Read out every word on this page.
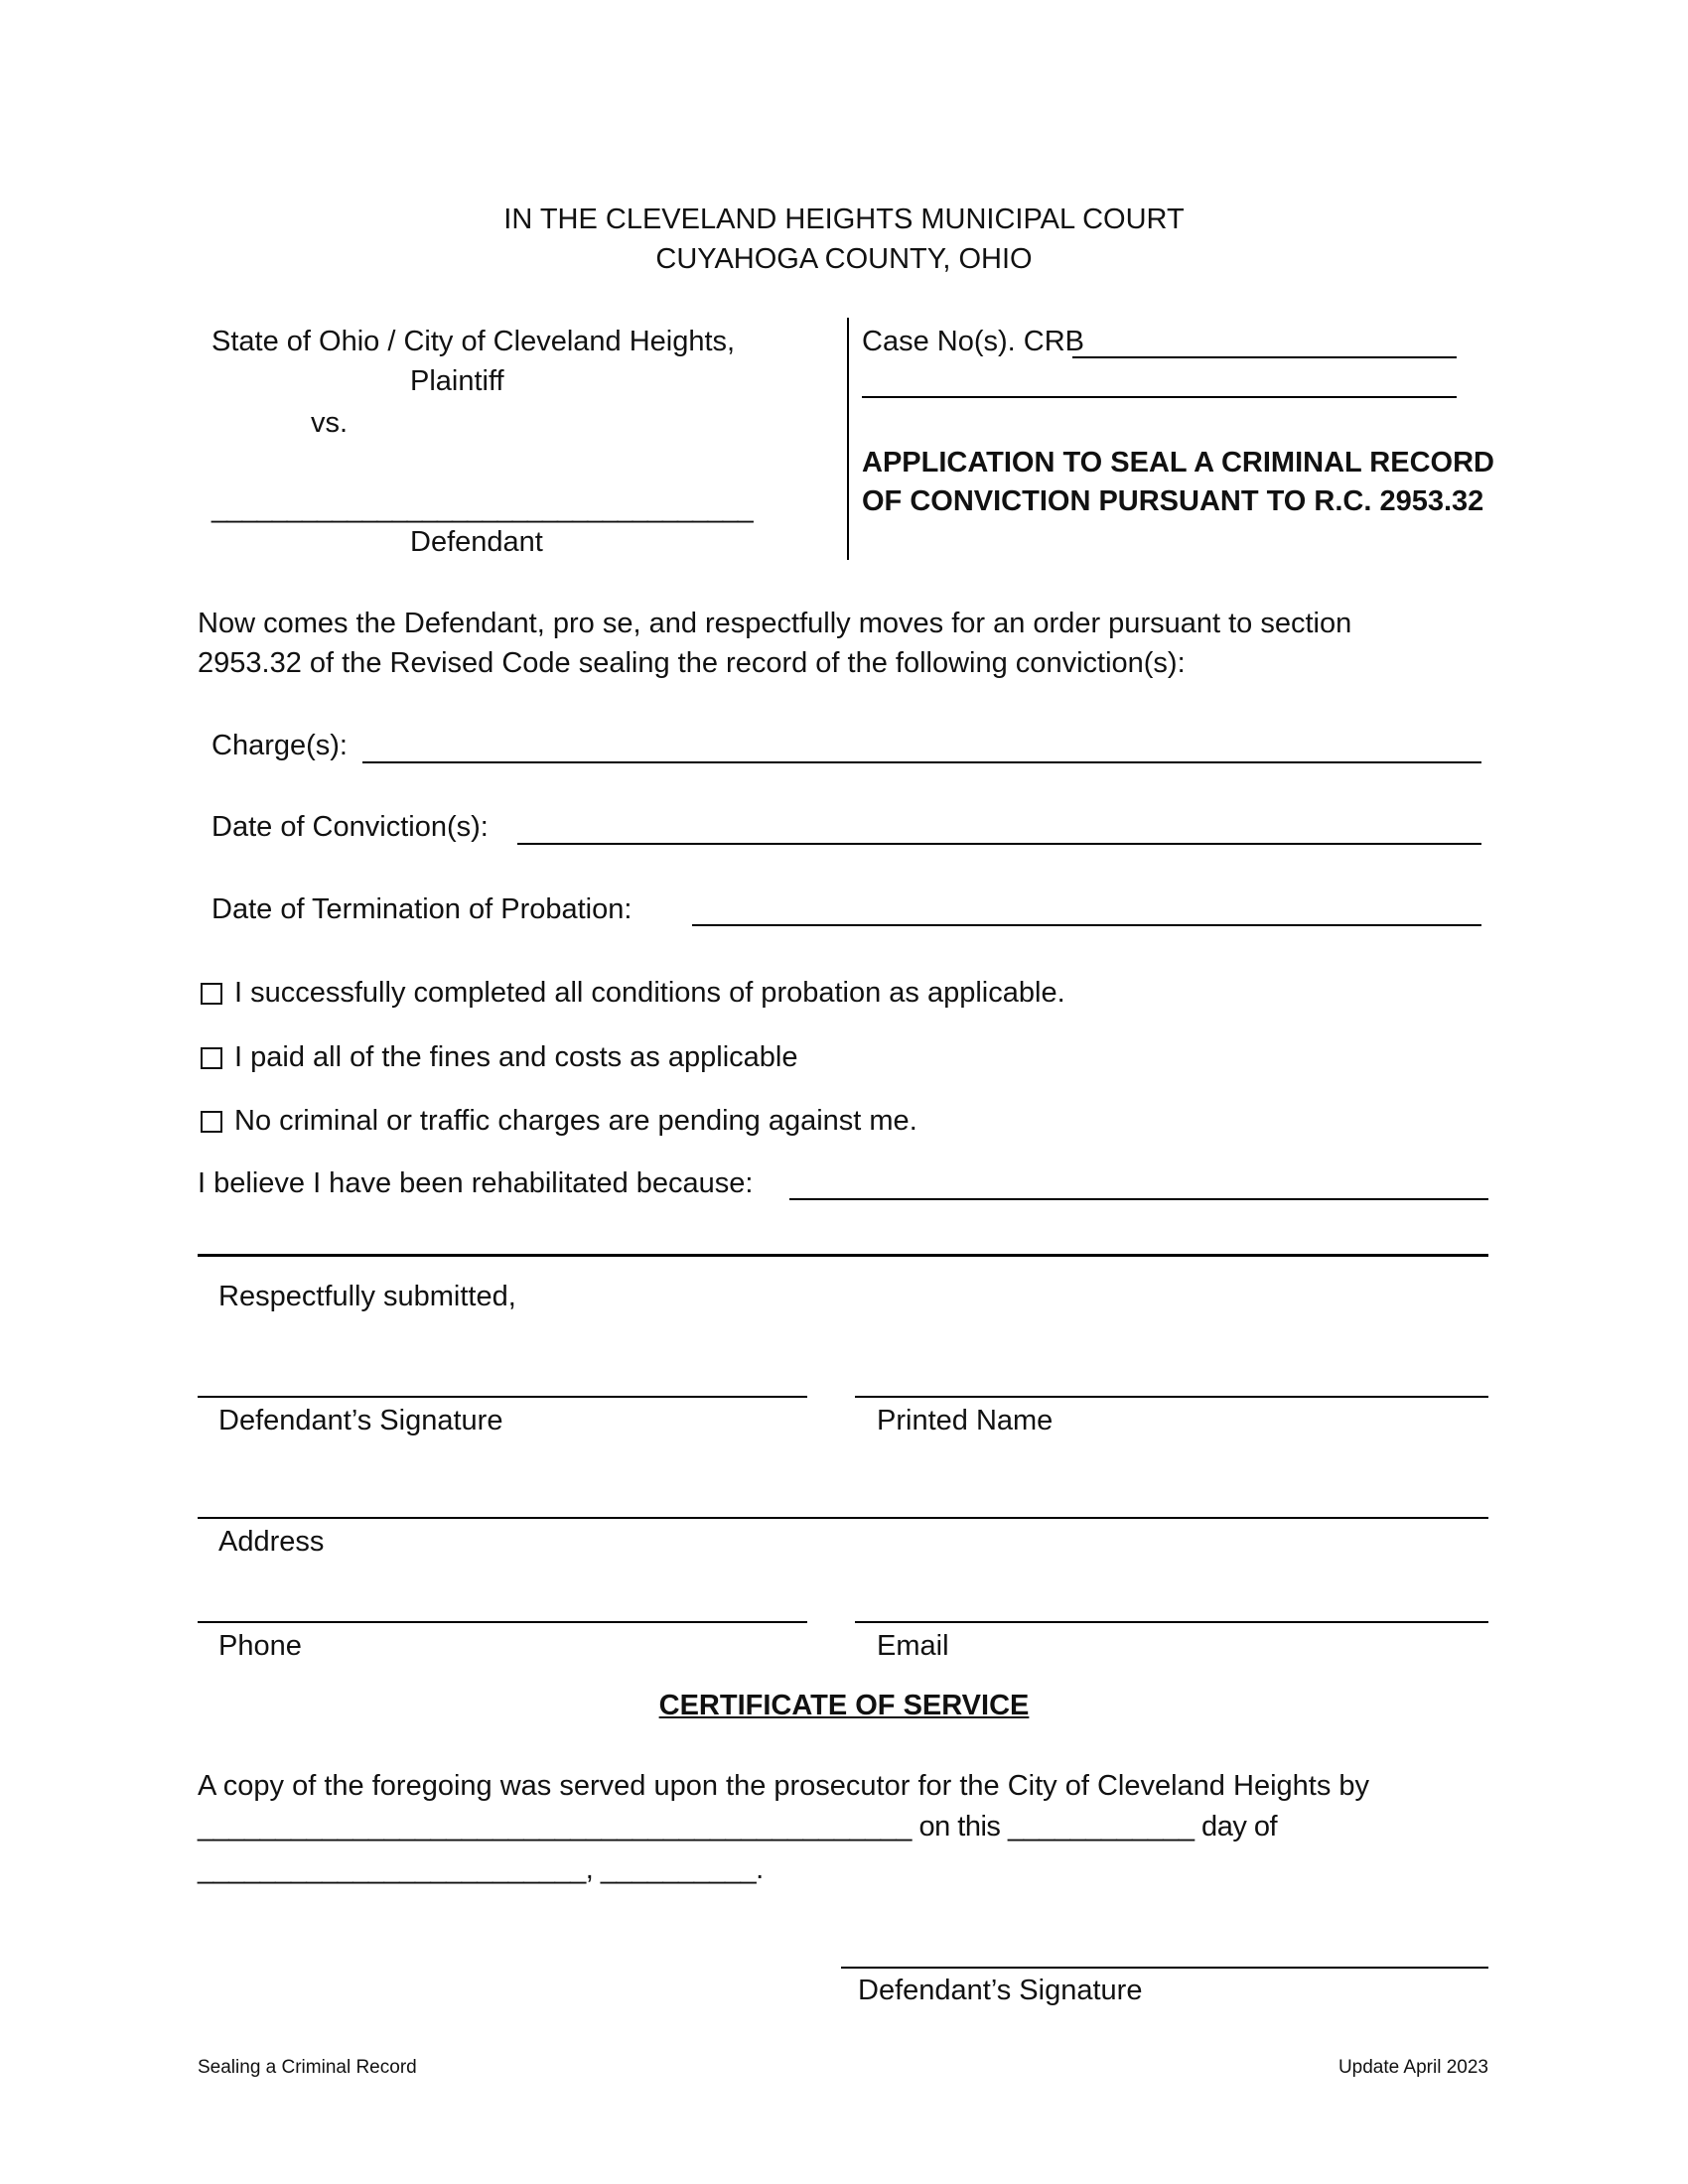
IN THE CLEVELAND HEIGHTS MUNICIPAL COURT
CUYAHOGA COUNTY, OHIO
State of Ohio / City of Cleveland Heights,
Plaintiff
vs.
____________________________________
Defendant
Case No(s). CRB
APPLICATION TO SEAL A CRIMINAL RECORD
OF CONVICTION PURSUANT TO R.C. 2953.32
Now comes the Defendant, pro se, and respectfully moves for an order pursuant to section
2953.32 of the Revised Code sealing the record of the following conviction(s):
Charge(s):
Date of Conviction(s):
Date of Termination of Probation:
I successfully completed all conditions of probation as applicable.
I paid all of the fines and costs as applicable
No criminal or traffic charges are pending against me.
I believe I have been rehabilitated because:
Respectfully submitted,
Defendant’s Signature	Printed Name
Address
Phone	Email
CERTIFICATE OF SERVICE
A copy of the foregoing was served upon the prosecutor for the City of Cleveland Heights by
______________________________________________ on this ____________ day of
_________________________, __________.
Defendant’s Signature
Sealing a Criminal Record	Update April 2023
